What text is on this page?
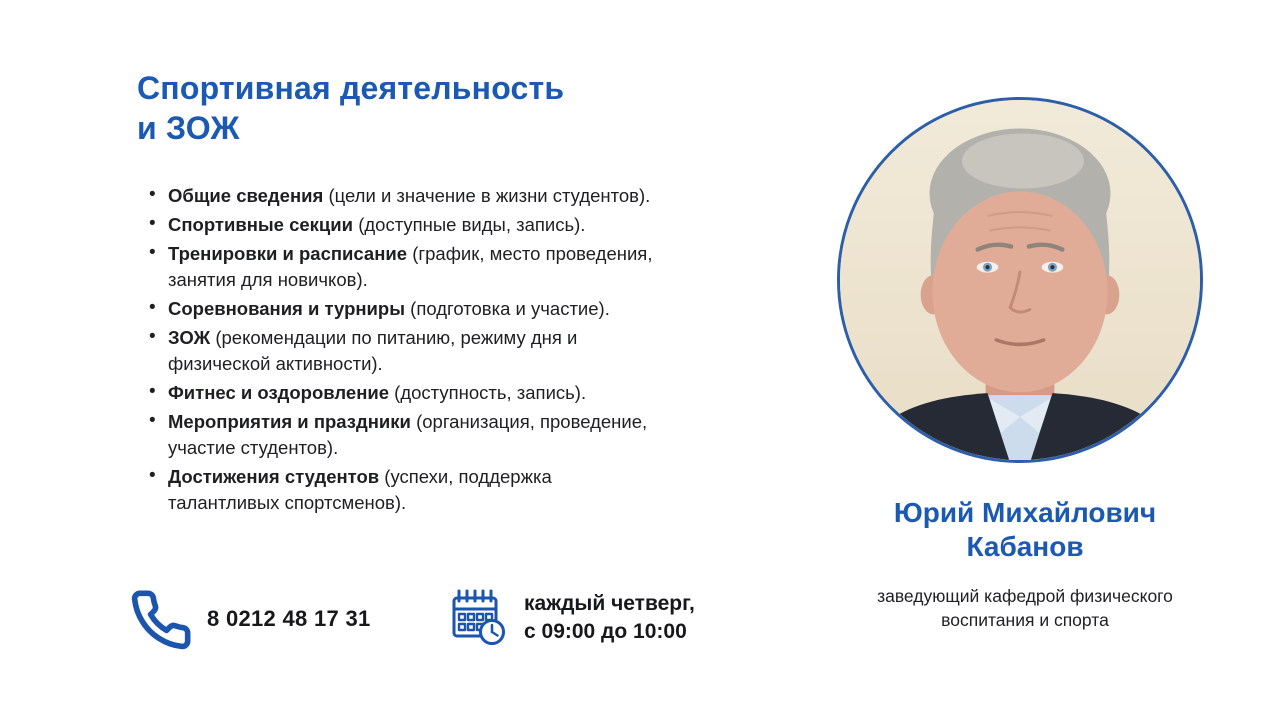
Спортивная деятельность
и ЗОЖ
• Общие сведения (цели и значение в жизни студентов).
• Спортивные секции (доступные виды, запись).
• Тренировки и расписание (график, место проведения, занятия для новичков).
• Соревнования и турниры (подготовка и участие).
• ЗОЖ (рекомендации по питанию, режиму дня и физической активности).
• Фитнес и оздоровление (доступность, запись).
• Мероприятия и праздники (организация, проведение, участие студентов).
• Достижения студентов (успехи, поддержка талантливых спортсменов).
8 0212 48 17 31
каждый четверг,
с 09:00 до 10:00
Юрий Михайлович
Кабанов
заведующий кафедрой физического
воспитания и спорта
